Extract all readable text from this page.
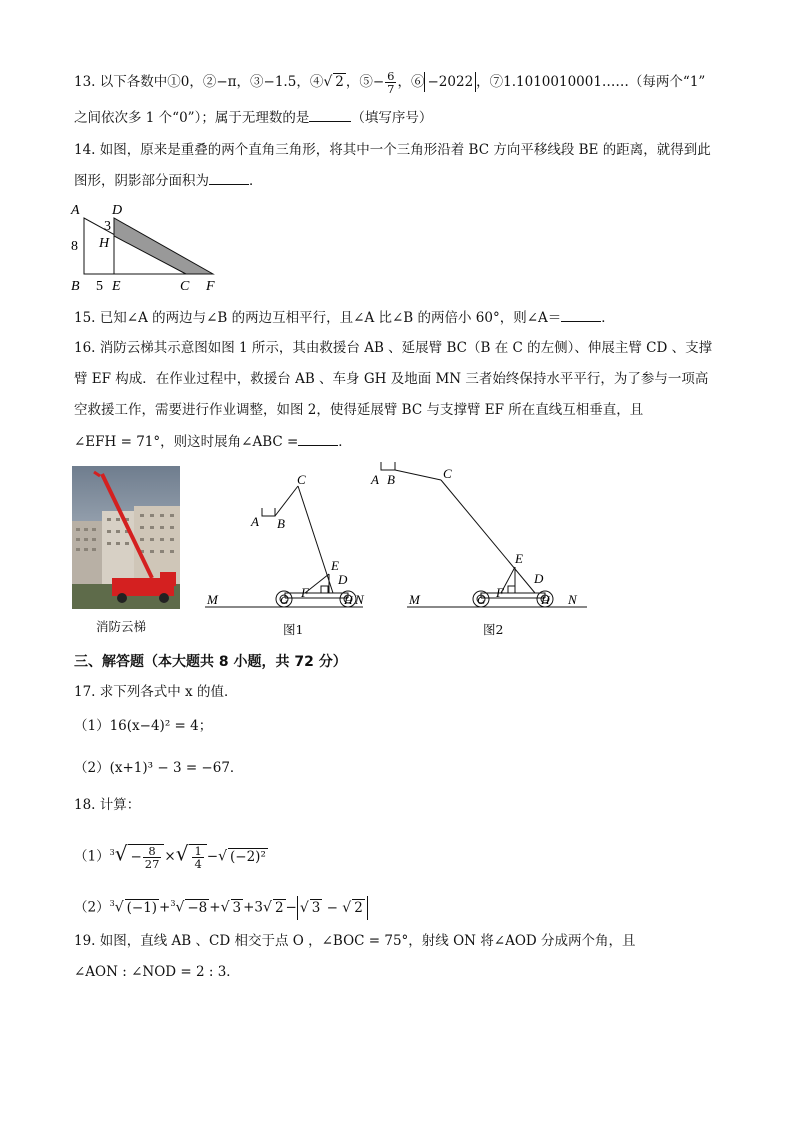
13. 以下各数中①0，②−π，③−1.5，④√ 2 ，⑤− $\frac{6}{7}$ ，⑥ −2022 ，⑦1.1010010001……（每两个“1”
之间依次多 1 个“0”）；属于无理数的是	（填写序号）
14. 如图，原来是重叠的两个直角三角形，将其中一个三角形沿着 BC 方向平移线段 BE 的距离，就得到此
图形，阴影部分面积为	．
A D
3
H
8
B 5 E	C F
15. 已知∠A 的两边与∠B 的两边互相平行，且∠A 比∠B 的两倍小 60°，则∠A＝	．
16. 消防云梯其示意图如图 1 所示，其由救援台 AB 、延展臂 BC（B 在 C 的左侧）、伸展主臂 CD 、支撑
臂 EF 构成．在作业过程中，救援台 AB 、车身 GH 及地面 MN 三者始终保持水平平行，为了参与一项高
空救援工作，需要进行作业调整，如图 2，使得延展臂 BC 与支撑臂 EF 所在直线互相垂直，且
∠EFH = 71°，则这时展角∠ABC =	．
消防云梯
C
A B
E
D
F
G	H
M	N
图1
A B	C
E
D
F
G	H
M	N
图2
三、解答题（本大题共 8 小题，共 72 分）
17. 求下列各式中 x 的值．
（1）16(x−4)² = 4；
（2）(x+1)³ − 3 = −67．
18. 计算：
$(1)^3√ - \frac{8}{27}$ ×√ $\frac{1}{4}$ −√ (−2)²
$(2)^3√$ (−1) +$^3$√ −8 +√ 3 +3√ 2 − √ 3 − √ 2
19. 如图，直线 AB 、CD 相交于点 O ，∠BOC = 75°，射线 ON 将∠AOD 分成两个角，且
∠AON : ∠NOD = 2 : 3．
